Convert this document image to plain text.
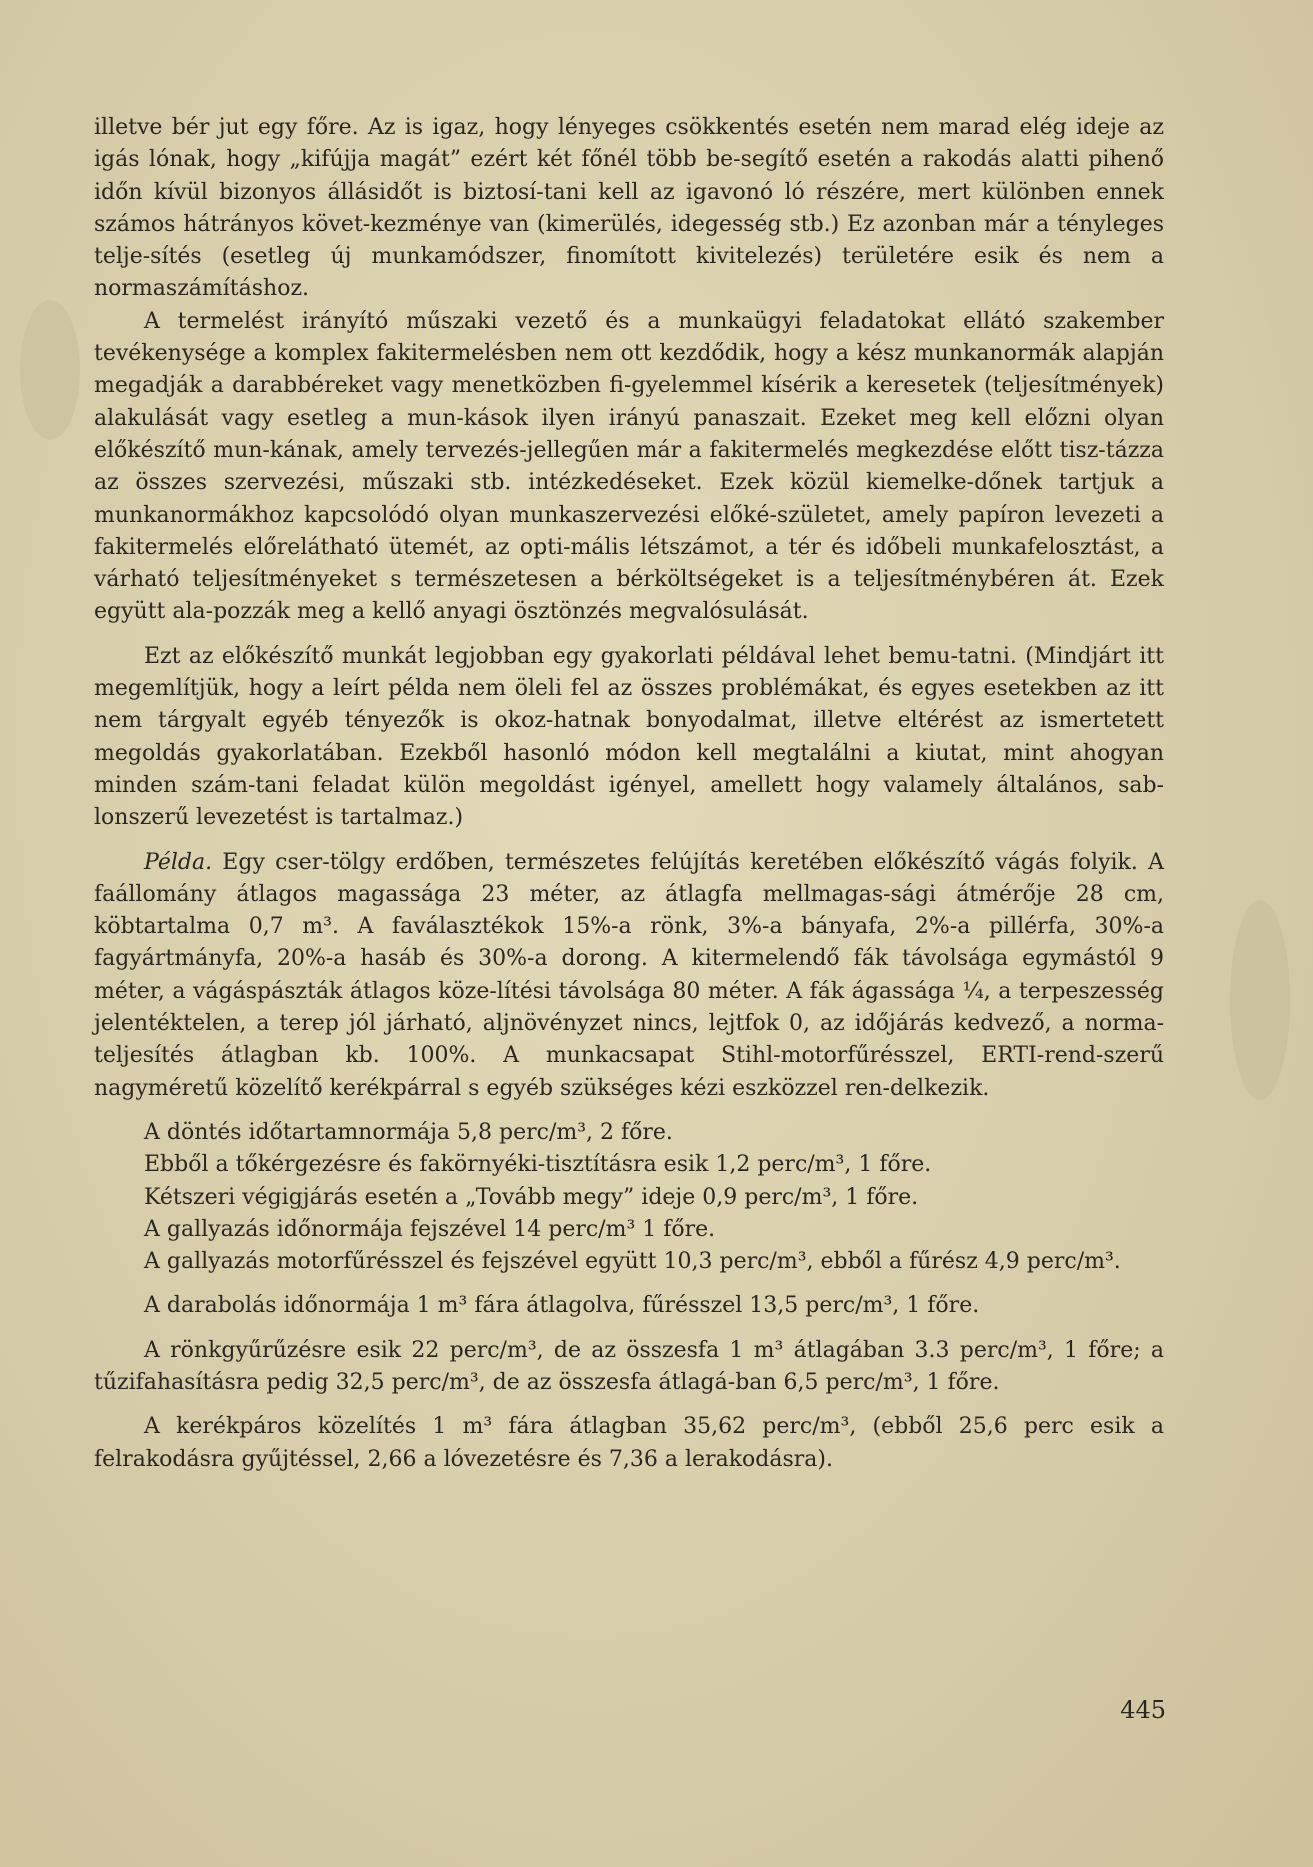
illetve bér jut egy főre. Az is igaz, hogy lényeges csökkentés esetén nem marad elég ideje az igás lónak, hogy „kifújja magát” ezért két főnél több be-segítő esetén a rakodás alatti pihenő időn kívül bizonyos állásidőt is biztosí-tani kell az igavonó ló részére, mert különben ennek számos hátrányos követ-kezménye van (kimerülés, idegesség stb.) Ez azonban már a tényleges telje-sítés (esetleg új munkamódszer, finomított kivitelezés) területére esik és nem a normaszámításhoz.

A termelést irányító műszaki vezető és a munkaügyi feladatokat ellátó szakember tevékenysége a komplex fakitermelésben nem ott kezdődik, hogy a kész munkanormák alapján megadják a darabbéreket vagy menetközben fi-gyelemmel kísérik a keresetek (teljesítmények) alakulását vagy esetleg a mun-kások ilyen irányú panaszait. Ezeket meg kell előzni olyan előkészítő mun-kának, amely tervezés-jellegűen már a fakitermelés megkezdése előtt tisz-tázza az összes szervezési, műszaki stb. intézkedéseket. Ezek közül kiemelke-dőnek tartjuk a munkanormákhoz kapcsolódó olyan munkaszervezési előké-születet, amely papíron levezeti a fakitermelés előrelátható ütemét, az opti-mális létszámot, a tér és időbeli munkafelosztást, a várható teljesítményeket s természetesen a bérköltségeket is a teljesítménybéren át. Ezek együtt ala-pozzák meg a kellő anyagi ösztönzés megvalósulását.

Ezt az előkészítő munkát legjobban egy gyakorlati példával lehet bemu-tatni. (Mindjárt itt megemlítjük, hogy a leírt példa nem öleli fel az összes problémákat, és egyes esetekben az itt nem tárgyalt egyéb tényezők is okoz-hatnak bonyodalmat, illetve eltérést az ismertetett megoldás gyakorlatában. Ezekből hasonló módon kell megtalálni a kiutat, mint ahogyan minden szám-tani feladat külön megoldást igényel, amellett hogy valamely általános, sab-lonszerű levezetést is tartalmaz.)

Példa. Egy cser-tölgy erdőben, természetes felújítás keretében előkészítő vágás folyik. A faállomány átlagos magassága 23 méter, az átlagfa mellmagas-sági átmérője 28 cm, köbtartalma 0,7 m³. A faválasztékok 15%-a rönk, 3%-a bányafa, 2%-a pillérfa, 30%-a fagyártmányfa, 20%-a hasáb és 30%-a dorong. A kitermelendő fák távolsága egymástól 9 méter, a vágáspászták átlagos köze-lítési távolsága 80 méter. A fák ágassága ¼, a terpeszesség jelentéktelen, a terep jól járható, aljnövényzet nincs, lejtfok 0, az időjárás kedvező, a norma-teljesítés átlagban kb. 100%. A munkacsapat Stihl-motorfűrésszel, ERTI-rend-szerű nagyméretű közelítő kerékpárral s egyéb szükséges kézi eszközzel ren-delkezik.

A döntés időtartamnormája 5,8 perc/m³, 2 főre.

Ebből a tőkérgezésre és fakörnyéki-tisztításra esik 1,2 perc/m³, 1 főre.

Kétszeri végigjárás esetén a „Tovább megy” ideje 0,9 perc/m³, 1 főre.

A gallyazás időnormája fejszével 14 perc/m³ 1 főre.

A gallyazás motorfűrésszel és fejszével együtt 10,3 perc/m³, ebből a fűrész 4,9 perc/m³.

A darabolás időnormája 1 m³ fára átlagolva, fűrésszel 13,5 perc/m³, 1 főre.

A rönkgyűrűzésre esik 22 perc/m³, de az összesfa 1 m³ átlagában 3.3 perc/m³, 1 főre; a tűzifahasításra pedig 32,5 perc/m³, de az összesfa átlagá-ban 6,5 perc/m³, 1 főre.

A kerékpáros közelítés 1 m³ fára átlagban 35,62 perc/m³, (ebből 25,6 perc esik a felrakodásra gyűjtéssel, 2,66 a lóvezetésre és 7,36 a lerakodásra).

445
